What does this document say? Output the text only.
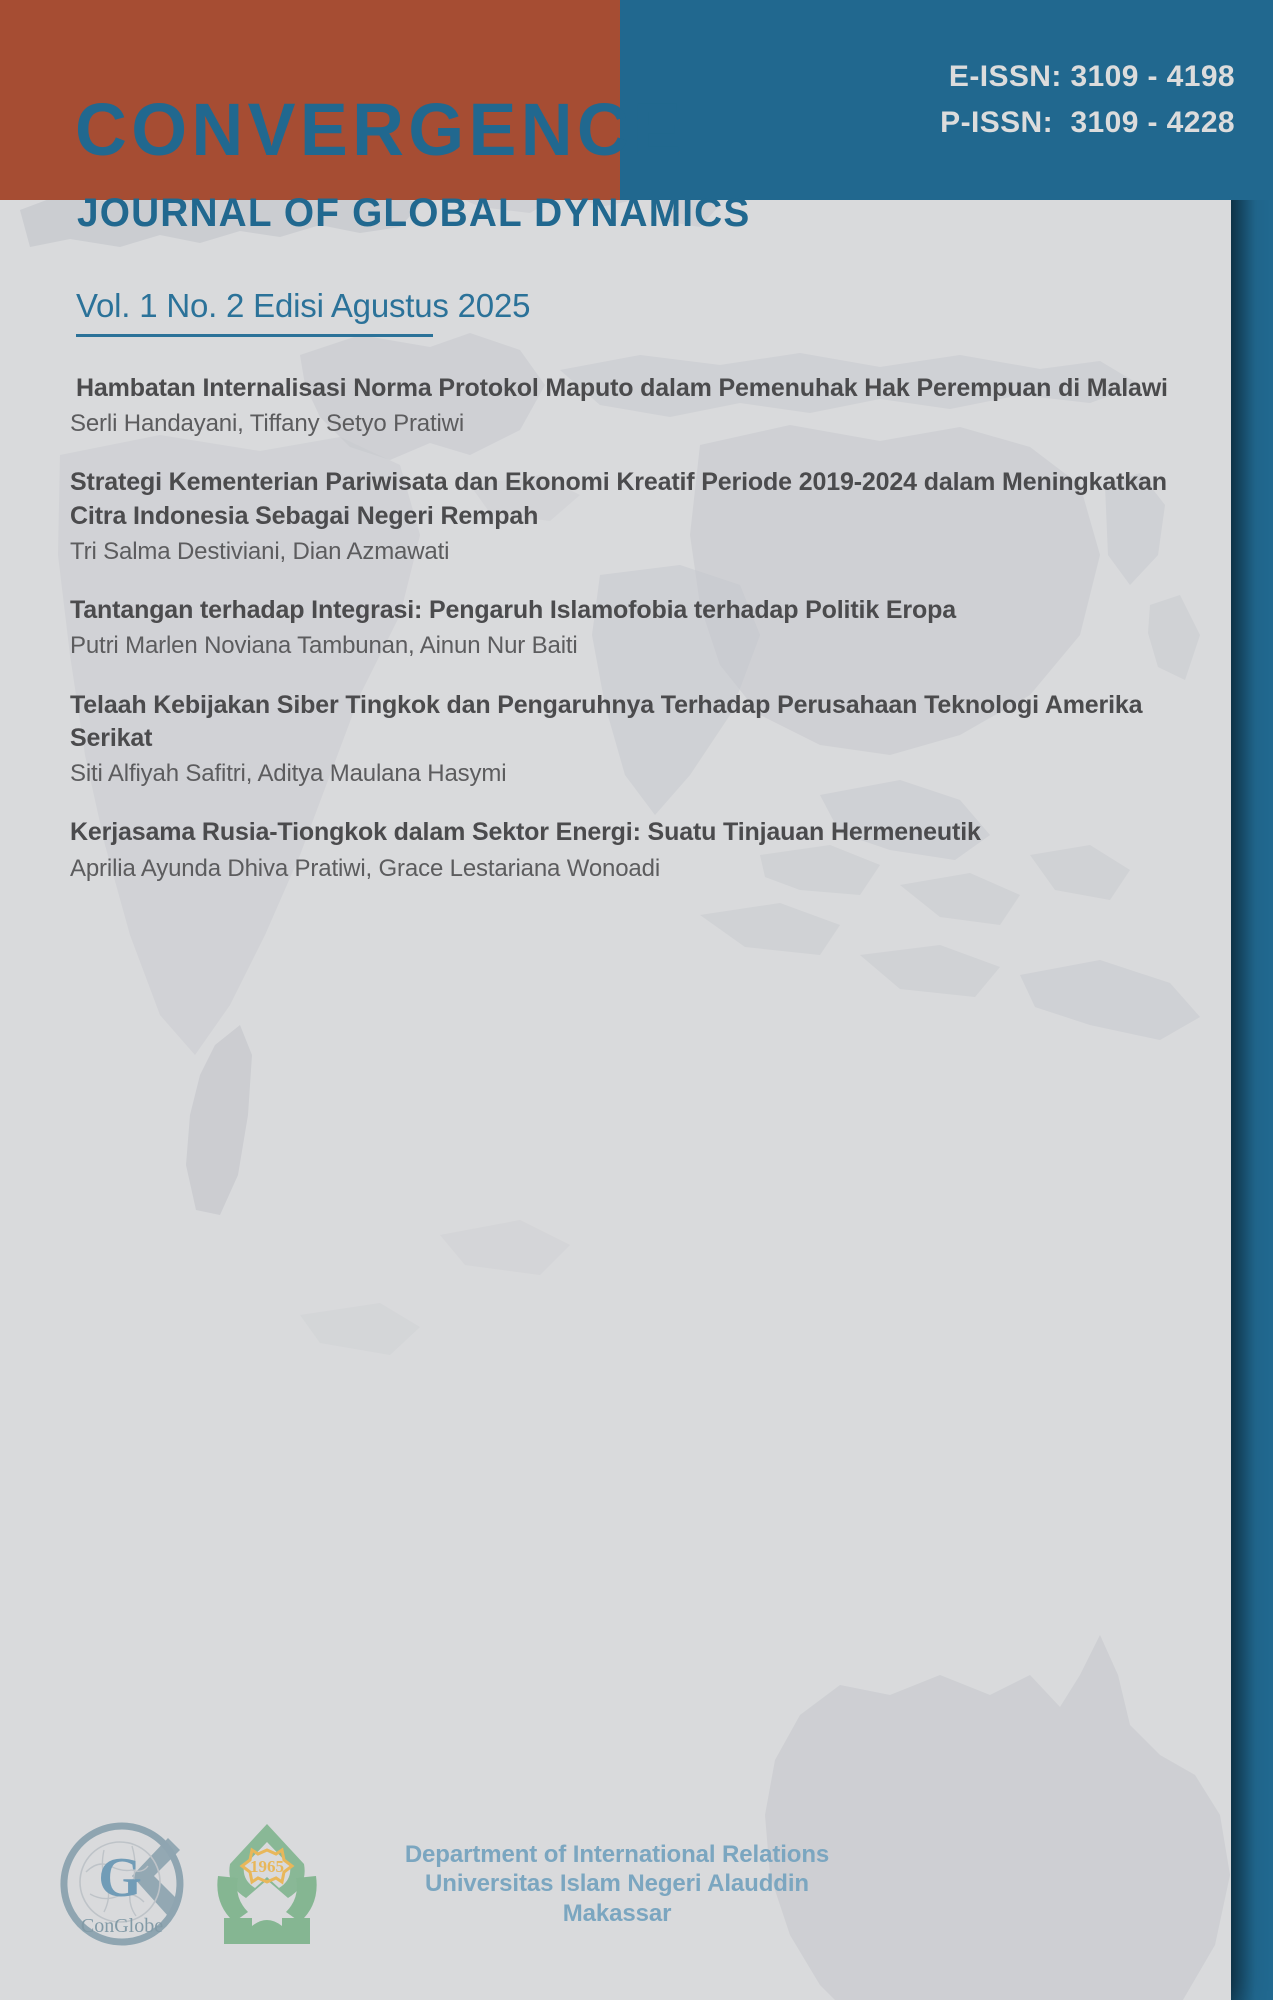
E-ISSN: 3109 - 4198
P-ISSN:  3109 - 4228
CONVERGENCE
JOURNAL OF GLOBAL DYNAMICS
Vol. 1 No. 2 Edisi Agustus 2025
Hambatan Internalisasi Norma Protokol Maputo dalam Pemenuhak Hak Perempuan di Malawi
Serli Handayani, Tiffany Setyo Pratiwi
Strategi Kementerian Pariwisata dan Ekonomi Kreatif Periode 2019-2024 dalam Meningkatkan Citra Indonesia Sebagai Negeri Rempah
Tri Salma Destiviani, Dian Azmawati
Tantangan terhadap Integrasi: Pengaruh Islamofobia terhadap Politik Eropa
Putri Marlen Noviana Tambunan, Ainun Nur Baiti
Telaah Kebijakan Siber Tingkok dan Pengaruhnya Terhadap Perusahaan Teknologi Amerika Serikat
Siti Alfiyah Safitri, Aditya Maulana Hasymi
Kerjasama Rusia-Tiongkok dalam Sektor Energi: Suatu Tinjauan Hermeneutik
Aprilia Ayunda Dhiva Pratiwi, Grace Lestariana Wonoadi
G
ConGlobe
1965	Department of International Relations
Universitas Islam Negeri Alauddin
Makassar
